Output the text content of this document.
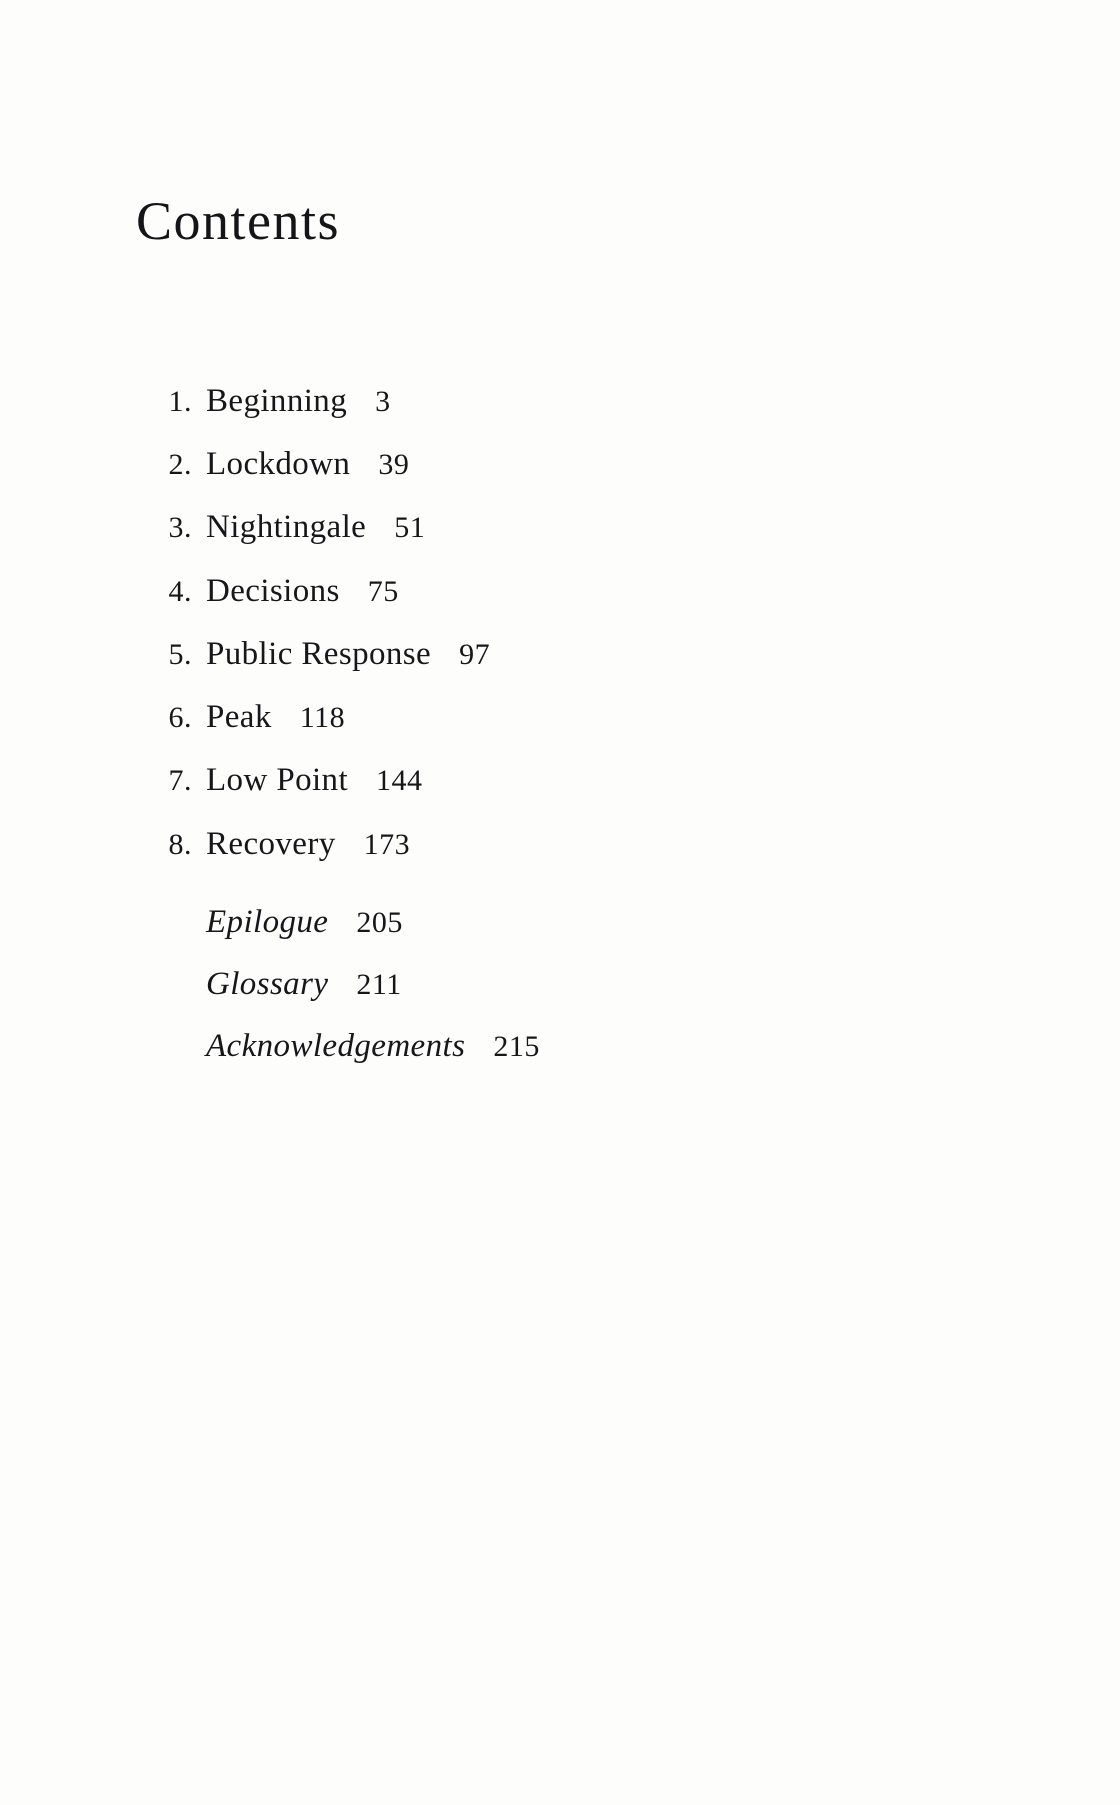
Contents
1. Beginning 3
2. Lockdown 39
3. Nightingale 51
4. Decisions 75
5. Public Response 97
6. Peak 118
7. Low Point 144
8. Recovery 173
Epilogue 205
Glossary 211
Acknowledgements 215
